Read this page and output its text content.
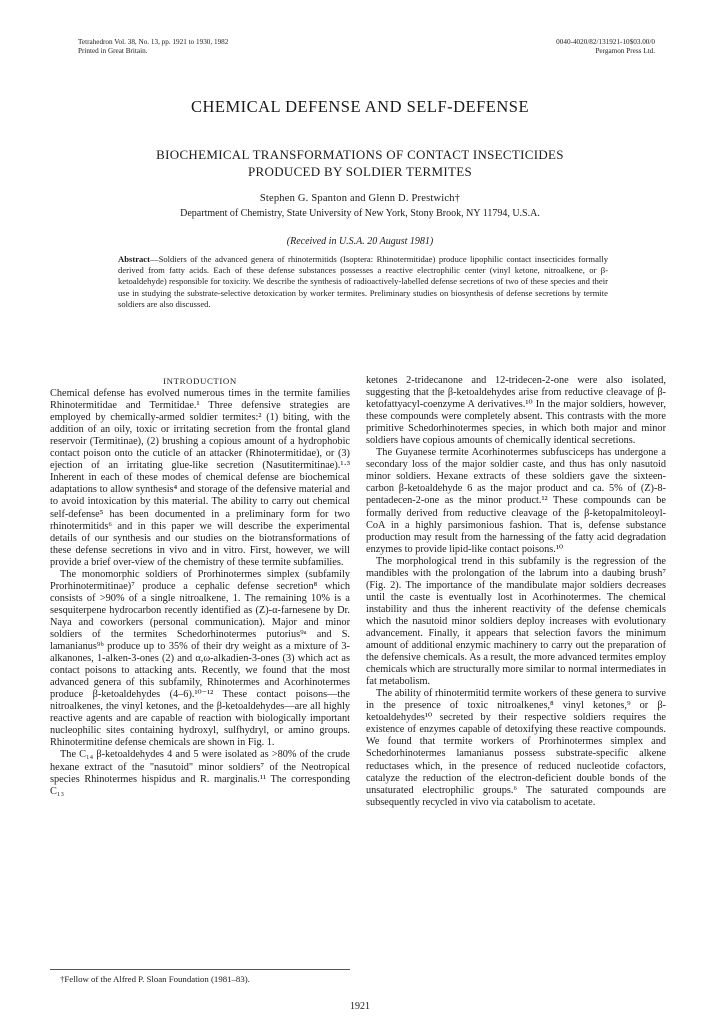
Tetrahedron Vol. 38, No. 13, pp. 1921 to 1930, 1982
Printed in Great Britain.
0040-4020/82/131921-10$03.00/0
Pergamon Press Ltd.
CHEMICAL DEFENSE AND SELF-DEFENSE
BIOCHEMICAL TRANSFORMATIONS OF CONTACT INSECTICIDES
PRODUCED BY SOLDIER TERMITES
Stephen G. Spanton and Glenn D. Prestwich†
Department of Chemistry, State University of New York, Stony Brook, NY 11794, U.S.A.
(Received in U.S.A. 20 August 1981)
Abstract—Soldiers of the advanced genera of rhinotermitids (Isoptera: Rhinotermitidae) produce lipophilic contact insecticides formally derived from fatty acids. Each of these defense substances possesses a reactive electrophilic center (vinyl ketone, nitroalkene, or β-ketoaldehyde) responsible for toxicity. We describe the synthesis of radioactively-labelled defense secretions of two of these species and their use in studying the substrate-selective detoxication by worker termites. Preliminary studies on biosynthesis of defense secretions by termite soldiers are also discussed.
INTRODUCTION

Chemical defense has evolved numerous times in the termite families Rhinotermitidae and Termitidae.¹ Three defensive strategies are employed by chemically-armed soldier termites:² (1) biting, with the addition of an oily, toxic or irritating secretion from the frontal gland reservoir (Termitinae), (2) brushing a copious amount of a hydrophobic contact poison onto the cuticle of an attacker (Rhinotermitidae), or (3) ejection of an irritating glue-like secretion (Nasutitermitinae).¹·³ Inherent in each of these modes of chemical defense are biochemical adaptations to allow synthesis⁴ and storage of the defensive material and to avoid intoxication by this material. The ability to carry out chemical self-defense⁵ has been documented in a preliminary form for two rhinotermitids⁶ and in this paper we will describe the experimental details of our synthesis and our studies on the biotransformations of these defense secretions in vivo and in vitro. First, however, we will provide a brief over-view of the chemistry of these termite subfamilies.

The monomorphic soldiers of Prorhinotermes simplex (subfamily Prorhinotermitinae)⁷ produce a cephalic defense secretion⁸ which consists of >90% of a single nitroalkene, 1. The remaining 10% is a sesquiterpene hydrocarbon recently identified as (Z)-α-farnesene by Dr. Naya and coworkers (personal communication). Major and minor soldiers of the termites Schedorhinotermes putorius⁹ᵃ and S. lamanianus⁹ᵇ produce up to 35% of their dry weight as a mixture of 3-alkanones, 1-alken-3-ones (2) and α,ω-alkadien-3-ones (3) which act as contact poisons to attacking ants. Recently, we found that the most advanced genera of this subfamily, Rhinotermes and Acorhinotermes produce β-ketoaldehydes (4–6).¹⁰⁻¹² These contact poisons—the nitroalkenes, the vinyl ketones, and the β-ketoaldehydes—are all highly reactive agents and are capable of reaction with biologically important nucleophilic sites containing hydroxyl, sulfhydryl, or amino groups. Rhinotermitine defense chemicals are shown in Fig. 1.

The C₁₄ β-ketoaldehydes 4 and 5 were isolated as >80% of the crude hexane extract of the "nasutoid" minor soldiers⁷ of the Neotropical species Rhinotermes hispidus and R. marginalis.¹¹ The corresponding C₁₃

ketones 2-tridecanone and 12-tridecen-2-one were also isolated, suggesting that the β-ketoaldehydes arise from reductive cleavage of β-ketofattyacyl-coenzyme A derivatives.¹⁰ In the major soldiers, however, these compounds were completely absent. This contrasts with the more primitive Schedorhinotermes species, in which both major and minor soldiers have copious amounts of chemically identical secretions.

The Guyanese termite Acorhinotermes subfusciceps has undergone a secondary loss of the major soldier caste, and thus has only nasutoid minor soldiers. Hexane extracts of these soldiers gave the sixteen-carbon β-ketoaldehyde 6 as the major product and ca. 5% of (Z)-8-pentadecen-2-one as the minor product.¹² These compounds can be formally derived from reductive cleavage of the β-ketopalmitoleoyl-CoA in a highly parsimonious fashion. That is, defense substance production may result from the harnessing of the fatty acid degradation enzymes to provide lipid-like contact poisons.¹⁰

The morphological trend in this subfamily is the regression of the mandibles with the prolongation of the labrum into a daubing brush⁷ (Fig. 2). The importance of the mandibulate major soldiers decreases until the caste is eventually lost in Acorhinotermes. The chemical instability and thus the inherent reactivity of the defense chemicals which the nasutoid minor soldiers deploy increases with evolutionary advancement. Finally, it appears that selection favors the minimum amount of additional enzymic machinery to carry out the preparation of the defensive chemicals. As a result, the more advanced termites employ chemicals which are structurally more similar to normal intermediates in fat metabolism.

The ability of rhinotermitid termite workers of these genera to survive in the presence of toxic nitroalkenes,⁸ vinyl ketones,⁹ or β-ketoaldehydes¹⁰ secreted by their respective soldiers requires the existence of enzymes capable of detoxifying these reactive compounds. We found that termite workers of Prorhinotermes simplex and Schedorhinotermes lamanianus possess substrate-specific alkene reductases which, in the presence of reduced nucleotide cofactors, catalyze the reduction of the electron-deficient double bonds of the unsaturated electrophilic groups.⁶ The saturated compounds are subsequently recycled in vivo via catabolism to acetate.

†Fellow of the Alfred P. Sloan Foundation (1981–83).
1921
